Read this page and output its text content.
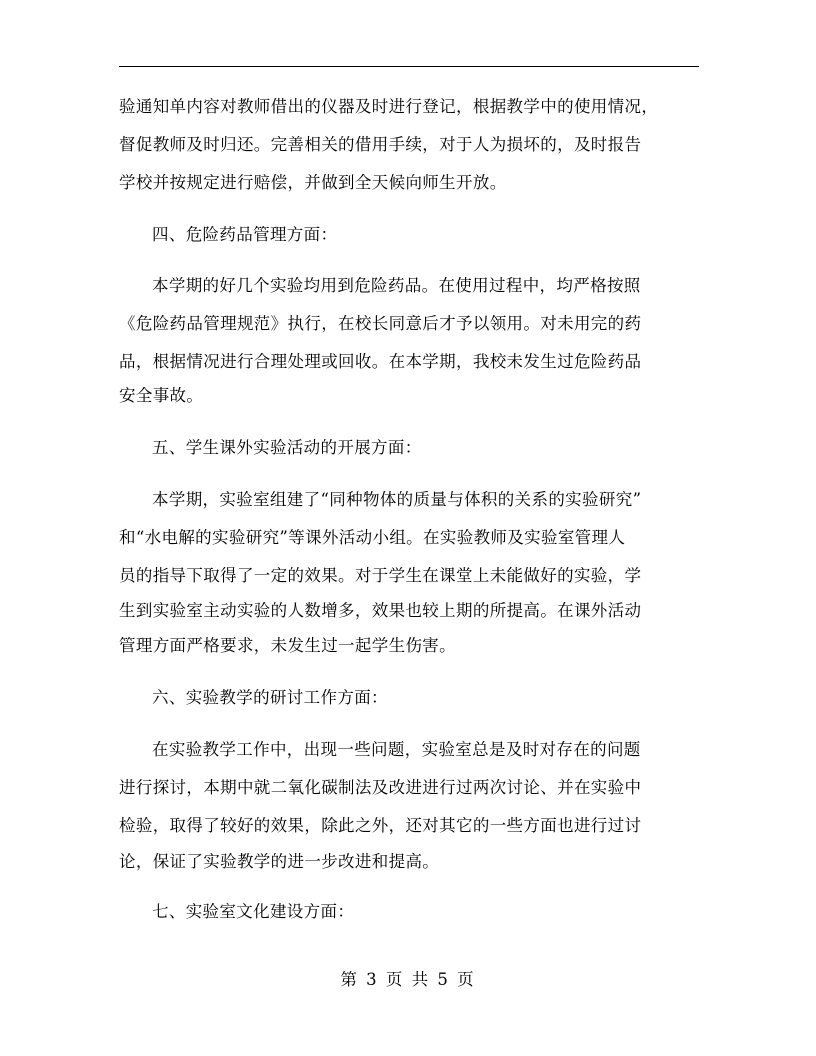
验通知单内容对教师借出的仪器及时进行登记，根据教学中的使用情况，
督促教师及时归还。完善相关的借用手续，对于人为损坏的，及时报告
学校并按规定进行赔偿，并做到全天候向师生开放。
四、危险药品管理方面：
本学期的好几个实验均用到危险药品。在使用过程中，均严格按照
《危险药品管理规范》执行，在校长同意后才予以领用。对未用完的药
品，根据情况进行合理处理或回收。在本学期，我校未发生过危险药品
安全事故。
五、学生课外实验活动的开展方面：
本学期，实验室组建了“同种物体的质量与体积的关系的实验研究”
和“水电解的实验研究”等课外活动小组。在实验教师及实验室管理人
员的指导下取得了一定的效果。对于学生在课堂上未能做好的实验，学
生到实验室主动实验的人数增多，效果也较上期的所提高。在课外活动
管理方面严格要求，未发生过一起学生伤害。
六、实验教学的研讨工作方面：
在实验教学工作中，出现一些问题，实验室总是及时对存在的问题
进行探讨，本期中就二氧化碳制法及改进进行过两次讨论、并在实验中
检验，取得了较好的效果，除此之外，还对其它的一些方面也进行过讨
论，保证了实验教学的进一步改进和提高。
七、实验室文化建设方面：
第 3 页 共 5 页
